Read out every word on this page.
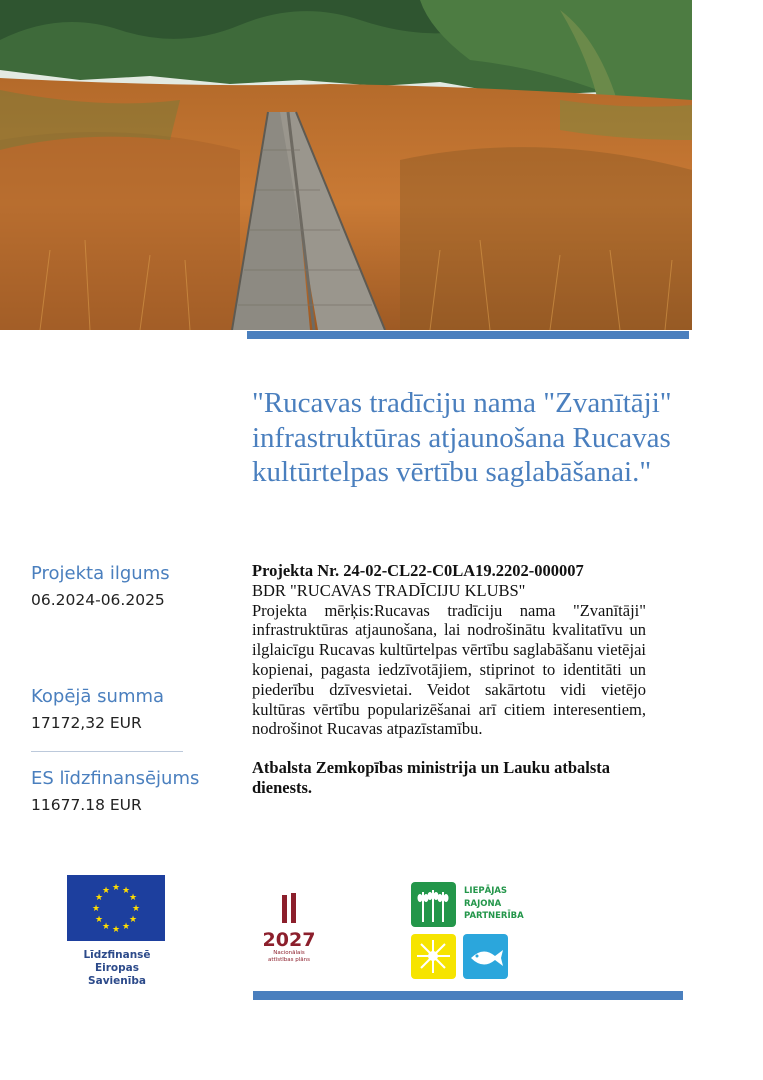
"Rucavas tradīciju nama "Zvanītāji" infrastruktūras atjaunošana Rucavas kultūrtelpas vērtību saglabāšanai."
Projekta ilgums
06.2024-06.2025
Kopējā summa
17172,32 EUR
ES līdzfinansējums
11677.18 EUR
Projekta Nr. 24-02-CL22-C0LA19.2202-000007
BDR "RUCAVAS TRADĪCIJU KLUBS"
Projekta mērķis:Rucavas tradīciju nama "Zvanītāji" infrastruktūras atjaunošana, lai nodrošinātu kvalitatīvu un ilglaicīgu Rucavas kultūrtelpas vērtību saglabāšanu vietējai kopienai, pagasta iedzīvotājiem, stiprinot to identitāti un piederību dzīvesvietai. Veidot sakārtotu vidi vietējo kultūras vērtību popularizēšanai arī citiem interesentiem, nodrošinot Rucavas atpazīstamību.
Atbalsta Zemkopības ministrija un Lauku atbalsta dienests.
★ ★
★
★
★
★
★
★
★
★
★
★
Līdzfinansē
Eiropas Savienība
2027
Nacionālais
attīstības plāns
LIEPĀJAS
RAJONA
PARTNERĪBA
